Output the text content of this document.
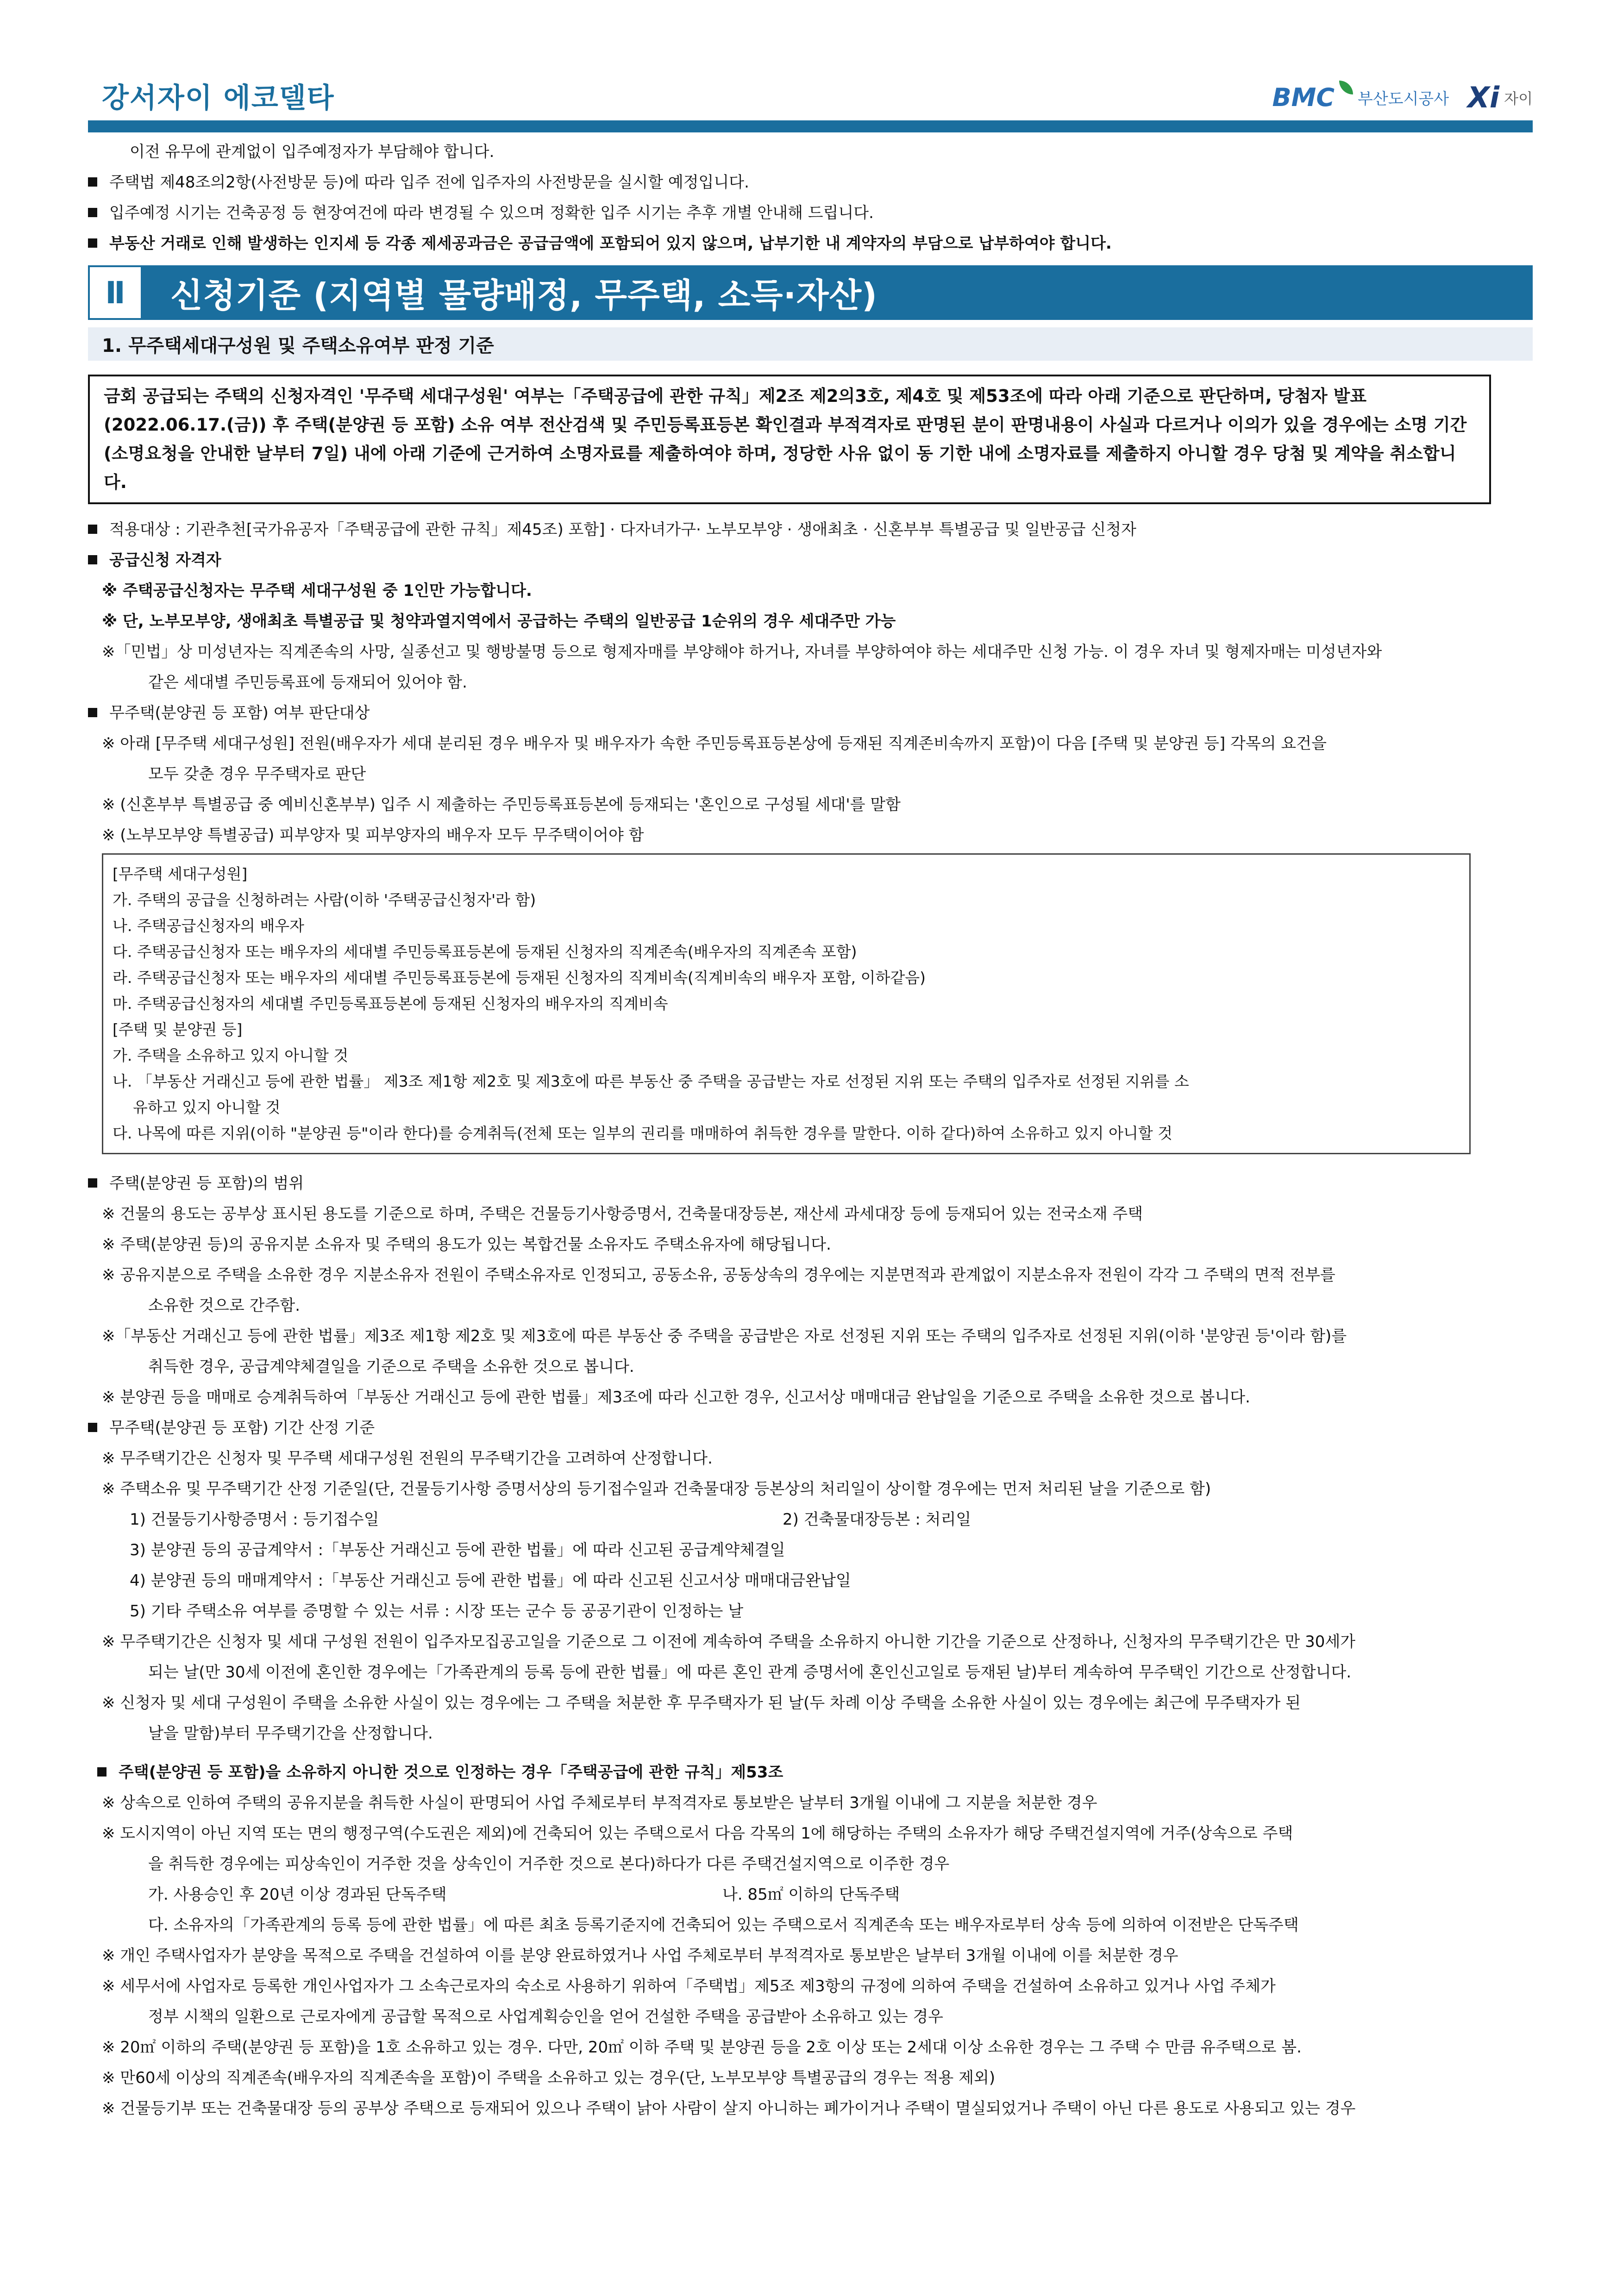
강서자이 에코델타	BMC 부산도시공사 Xi 자이
이전 유무에 관계없이 입주예정자가 부담해야 합니다.
주택법 제48조의2항(사전방문 등)에 따라 입주 전에 입주자의 사전방문을 실시할 예정입니다.
입주예정 시기는 건축공정 등 현장여건에 따라 변경될 수 있으며 정확한 입주 시기는 추후 개별 안내해 드립니다.
부동산 거래로 인해 발생하는 인지세 등 각종 제세공과금은 공급금액에 포함되어 있지 않으며, 납부기한 내 계약자의 부담으로 납부하여야 합니다.
Ⅱ	신청기준 (지역별 물량배정, 무주택, 소득·자산)
1. 무주택세대구성원 및 주택소유여부 판정 기준
금회 공급되는 주택의 신청자격인 '무주택 세대구성원' 여부는「주택공급에 관한 규칙」제2조 제2의3호, 제4호 및 제53조에 따라 아래 기준으로 판단하며, 당첨자 발표(2022.06.17.(금)) 후 주택(분양권 등 포함) 소유 여부 전산검색 및 주민등록표등본 확인결과 부적격자로 판명된 분이 판명내용이 사실과 다르거나 이의가 있을 경우에는 소명 기간(소명요청을 안내한 날부터 7일) 내에 아래 기준에 근거하여 소명자료를 제출하여야 하며, 정당한 사유 없이 동 기한 내에 소명자료를 제출하지 아니할 경우 당첨 및 계약을 취소합니다.
적용대상 : 기관추천[국가유공자「주택공급에 관한 규칙」제45조) 포함] · 다자녀가구· 노부모부양 · 생애최초 · 신혼부부 특별공급 및 일반공급 신청자
공급신청 자격자
※ 주택공급신청자는 무주택 세대구성원 중 1인만 가능합니다.
※ 단, 노부모부양, 생애최초 특별공급 및 청약과열지역에서 공급하는 주택의 일반공급 1순위의 경우 세대주만 가능
※「민법」상 미성년자는 직계존속의 사망, 실종선고 및 행방불명 등으로 형제자매를 부양해야 하거나, 자녀를 부양하여야 하는 세대주만 신청 가능. 이 경우 자녀 및 형제자매는 미성년자와
같은 세대별 주민등록표에 등재되어 있어야 함.
무주택(분양권 등 포함) 여부 판단대상
※ 아래 [무주택 세대구성원] 전원(배우자가 세대 분리된 경우 배우자 및 배우자가 속한 주민등록표등본상에 등재된 직계존비속까지 포함)이 다음 [주택 및 분양권 등] 각목의 요건을
모두 갖춘 경우 무주택자로 판단
※ (신혼부부 특별공급 중 예비신혼부부) 입주 시 제출하는 주민등록표등본에 등재되는 '혼인으로 구성될 세대'를 말함
※ (노부모부양 특별공급) 피부양자 및 피부양자의 배우자 모두 무주택이어야 함
[무주택 세대구성원]
가. 주택의 공급을 신청하려는 사람(이하 '주택공급신청자'라 함)
나. 주택공급신청자의 배우자
다. 주택공급신청자 또는 배우자의 세대별 주민등록표등본에 등재된 신청자의 직계존속(배우자의 직계존속 포함)
라. 주택공급신청자 또는 배우자의 세대별 주민등록표등본에 등재된 신청자의 직계비속(직계비속의 배우자 포함, 이하같음)
마. 주택공급신청자의 세대별 주민등록표등본에 등재된 신청자의 배우자의 직계비속
[주택 및 분양권 등]
가. 주택을 소유하고 있지 아니할 것
나. 「부동산 거래신고 등에 관한 법률」 제3조 제1항 제2호 및 제3호에 따른 부동산 중 주택을 공급받는 자로 선정된 지위 또는 주택의 입주자로 선정된 지위를 소
유하고 있지 아니할 것
다. 나목에 따른 지위(이하 "분양권 등"이라 한다)를 승계취득(전체 또는 일부의 권리를 매매하여 취득한 경우를 말한다. 이하 같다)하여 소유하고 있지 아니할 것
주택(분양권 등 포함)의 범위
※ 건물의 용도는 공부상 표시된 용도를 기준으로 하며, 주택은 건물등기사항증명서, 건축물대장등본, 재산세 과세대장 등에 등재되어 있는 전국소재 주택
※ 주택(분양권 등)의 공유지분 소유자 및 주택의 용도가 있는 복합건물 소유자도 주택소유자에 해당됩니다.
※ 공유지분으로 주택을 소유한 경우 지분소유자 전원이 주택소유자로 인정되고, 공동소유, 공동상속의 경우에는 지분면적과 관계없이 지분소유자 전원이 각각 그 주택의 면적 전부를
소유한 것으로 간주함.
※「부동산 거래신고 등에 관한 법률」제3조 제1항 제2호 및 제3호에 따른 부동산 중 주택을 공급받은 자로 선정된 지위 또는 주택의 입주자로 선정된 지위(이하 '분양권 등'이라 함)를
취득한 경우, 공급계약체결일을 기준으로 주택을 소유한 것으로 봅니다.
※ 분양권 등을 매매로 승계취득하여「부동산 거래신고 등에 관한 법률」제3조에 따라 신고한 경우, 신고서상 매매대금 완납일을 기준으로 주택을 소유한 것으로 봅니다.
무주택(분양권 등 포함) 기간 산정 기준
※ 무주택기간은 신청자 및 무주택 세대구성원 전원의 무주택기간을 고려하여 산정합니다.
※ 주택소유 및 무주택기간 산정 기준일(단, 건물등기사항 증명서상의 등기접수일과 건축물대장 등본상의 처리일이 상이할 경우에는 먼저 처리된 날을 기준으로 함)
1) 건물등기사항증명서 : 등기접수일	2) 건축물대장등본 : 처리일
3) 분양권 등의 공급계약서 :「부동산 거래신고 등에 관한 법률」에 따라 신고된 공급계약체결일
4) 분양권 등의 매매계약서 :「부동산 거래신고 등에 관한 법률」에 따라 신고된 신고서상 매매대금완납일
5) 기타 주택소유 여부를 증명할 수 있는 서류 : 시장 또는 군수 등 공공기관이 인정하는 날
※ 무주택기간은 신청자 및 세대 구성원 전원이 입주자모집공고일을 기준으로 그 이전에 계속하여 주택을 소유하지 아니한 기간을 기준으로 산정하나, 신청자의 무주택기간은 만 30세가
되는 날(만 30세 이전에 혼인한 경우에는「가족관계의 등록 등에 관한 법률」에 따른 혼인 관계 증명서에 혼인신고일로 등재된 날)부터 계속하여 무주택인 기간으로 산정합니다.
※ 신청자 및 세대 구성원이 주택을 소유한 사실이 있는 경우에는 그 주택을 처분한 후 무주택자가 된 날(두 차례 이상 주택을 소유한 사실이 있는 경우에는 최근에 무주택자가 된
날을 말함)부터 무주택기간을 산정합니다.
주택(분양권 등 포함)을 소유하지 아니한 것으로 인정하는 경우「주택공급에 관한 규칙」제53조
※ 상속으로 인하여 주택의 공유지분을 취득한 사실이 판명되어 사업 주체로부터 부적격자로 통보받은 날부터 3개월 이내에 그 지분을 처분한 경우
※ 도시지역이 아닌 지역 또는 면의 행정구역(수도권은 제외)에 건축되어 있는 주택으로서 다음 각목의 1에 해당하는 주택의 소유자가 해당 주택건설지역에 거주(상속으로 주택
을 취득한 경우에는 피상속인이 거주한 것을 상속인이 거주한 것으로 본다)하다가 다른 주택건설지역으로 이주한 경우
가. 사용승인 후 20년 이상 경과된 단독주택	나. 85㎡ 이하의 단독주택
다. 소유자의「가족관계의 등록 등에 관한 법률」에 따른 최초 등록기준지에 건축되어 있는 주택으로서 직계존속 또는 배우자로부터 상속 등에 의하여 이전받은 단독주택
※ 개인 주택사업자가 분양을 목적으로 주택을 건설하여 이를 분양 완료하였거나 사업 주체로부터 부적격자로 통보받은 날부터 3개월 이내에 이를 처분한 경우
※ 세무서에 사업자로 등록한 개인사업자가 그 소속근로자의 숙소로 사용하기 위하여「주택법」제5조 제3항의 규정에 의하여 주택을 건설하여 소유하고 있거나 사업 주체가
정부 시책의 일환으로 근로자에게 공급할 목적으로 사업계획승인을 얻어 건설한 주택을 공급받아 소유하고 있는 경우
※ 20㎡ 이하의 주택(분양권 등 포함)을 1호 소유하고 있는 경우. 다만, 20㎡ 이하 주택 및 분양권 등을 2호 이상 또는 2세대 이상 소유한 경우는 그 주택 수 만큼 유주택으로 봄.
※ 만60세 이상의 직계존속(배우자의 직계존속을 포함)이 주택을 소유하고 있는 경우(단, 노부모부양 특별공급의 경우는 적용 제외)
※ 건물등기부 또는 건축물대장 등의 공부상 주택으로 등재되어 있으나 주택이 낡아 사람이 살지 아니하는 폐가이거나 주택이 멸실되었거나 주택이 아닌 다른 용도로 사용되고 있는 경우
